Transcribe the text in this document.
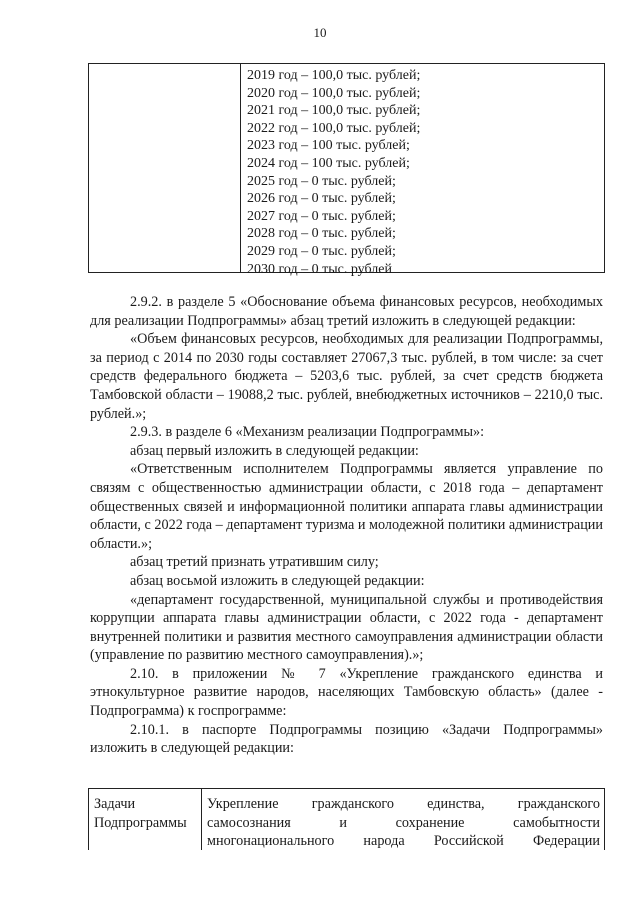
10
2019 год – 100,0 тыс. рублей;
2020 год – 100,0 тыс. рублей;
2021 год – 100,0 тыс. рублей;
2022 год – 100,0 тыс. рублей;
2023 год – 100 тыс. рублей;
2024 год – 100 тыс. рублей;
2025 год – 0 тыс. рублей;
2026 год – 0 тыс. рублей;
2027 год – 0 тыс. рублей;
2028 год – 0 тыс. рублей;
2029 год – 0 тыс. рублей;
2030 год – 0 тыс. рублей

2.9.2. в разделе 5 «Обоснование объема финансовых ресурсов, необходимых для реализации Подпрограммы» абзац третий изложить в следующей редакции:

«Объем финансовых ресурсов, необходимых для реализации Подпрограммы, за период с 2014 по 2030 годы составляет 27067,3 тыс. рублей, в том числе: за счет средств федерального бюджета – 5203,6 тыс. рублей, за счет средств бюджета Тамбовской области – 19088,2 тыс. рублей, внебюджетных источников – 2210,0 тыс. рублей.»;

2.9.3. в разделе 6 «Механизм реализации Подпрограммы»:

абзац первый изложить в следующей редакции:

«Ответственным исполнителем Подпрограммы является управление по связям с общественностью администрации области, с 2018 года – департамент общественных связей и информационной политики аппарата главы администрации области, с 2022 года – департамент туризма и молодежной политики администрации области.»;

абзац третий признать утратившим силу;

абзац восьмой изложить в следующей редакции:

«департамент государственной, муниципальной службы и противодействия коррупции аппарата главы администрации области, с 2022 года - департамент внутренней политики и развития местного самоуправления администрации области (управление по развитию местного самоуправления).»;

2.10. в приложении № 7 «Укрепление гражданского единства и этнокультурное развитие народов, населяющих Тамбовскую область» (далее - Подпрограмма) к госпрограмме:

2.10.1. в паспорте Подпрограммы позицию «Задачи Подпрограммы» изложить в следующей редакции:

Задачи
Подпрограммы
Укрепление гражданского единства, гражданского
самосознания и сохранение самобытности
многонационального народа Российской Федерации
